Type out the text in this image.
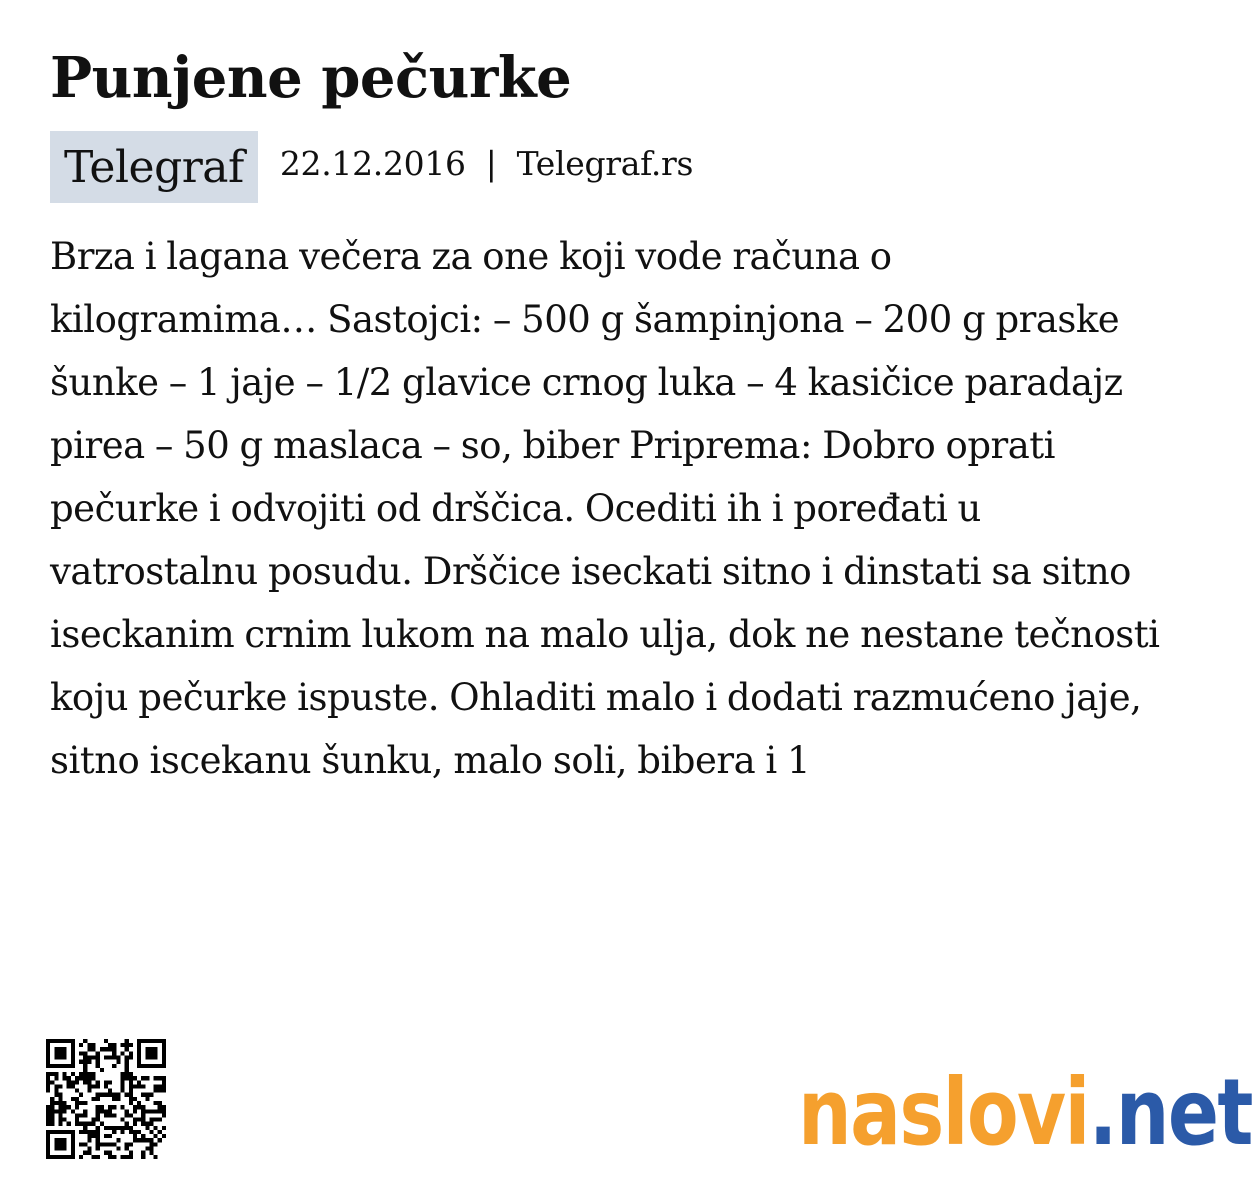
Punjene pečurke
Telegraf	22.12.2016 | Telegraf.rs

Brza i lagana večera za one koji vode računa o kilogramima… Sastojci: – 500 g šampinjona – 200 g praske šunke – 1 jaje – 1/2 glavice crnog luka – 4 kasičice paradajz pirea – 50 g maslaca – so, biber Priprema: Dobro oprati pečurke i odvojiti od drščica. Ocediti ih i poređati u vatrostalnu posudu. Drščice iseckati sitno i dinstati sa sitno iseckanim crnim lukom na malo ulja, dok ne nestane tečnosti koju pečurke ispuste. Ohladiti malo i dodati razmućeno jaje, sitno iscekanu šunku, malo soli, bibera i 1

naslovi .net
